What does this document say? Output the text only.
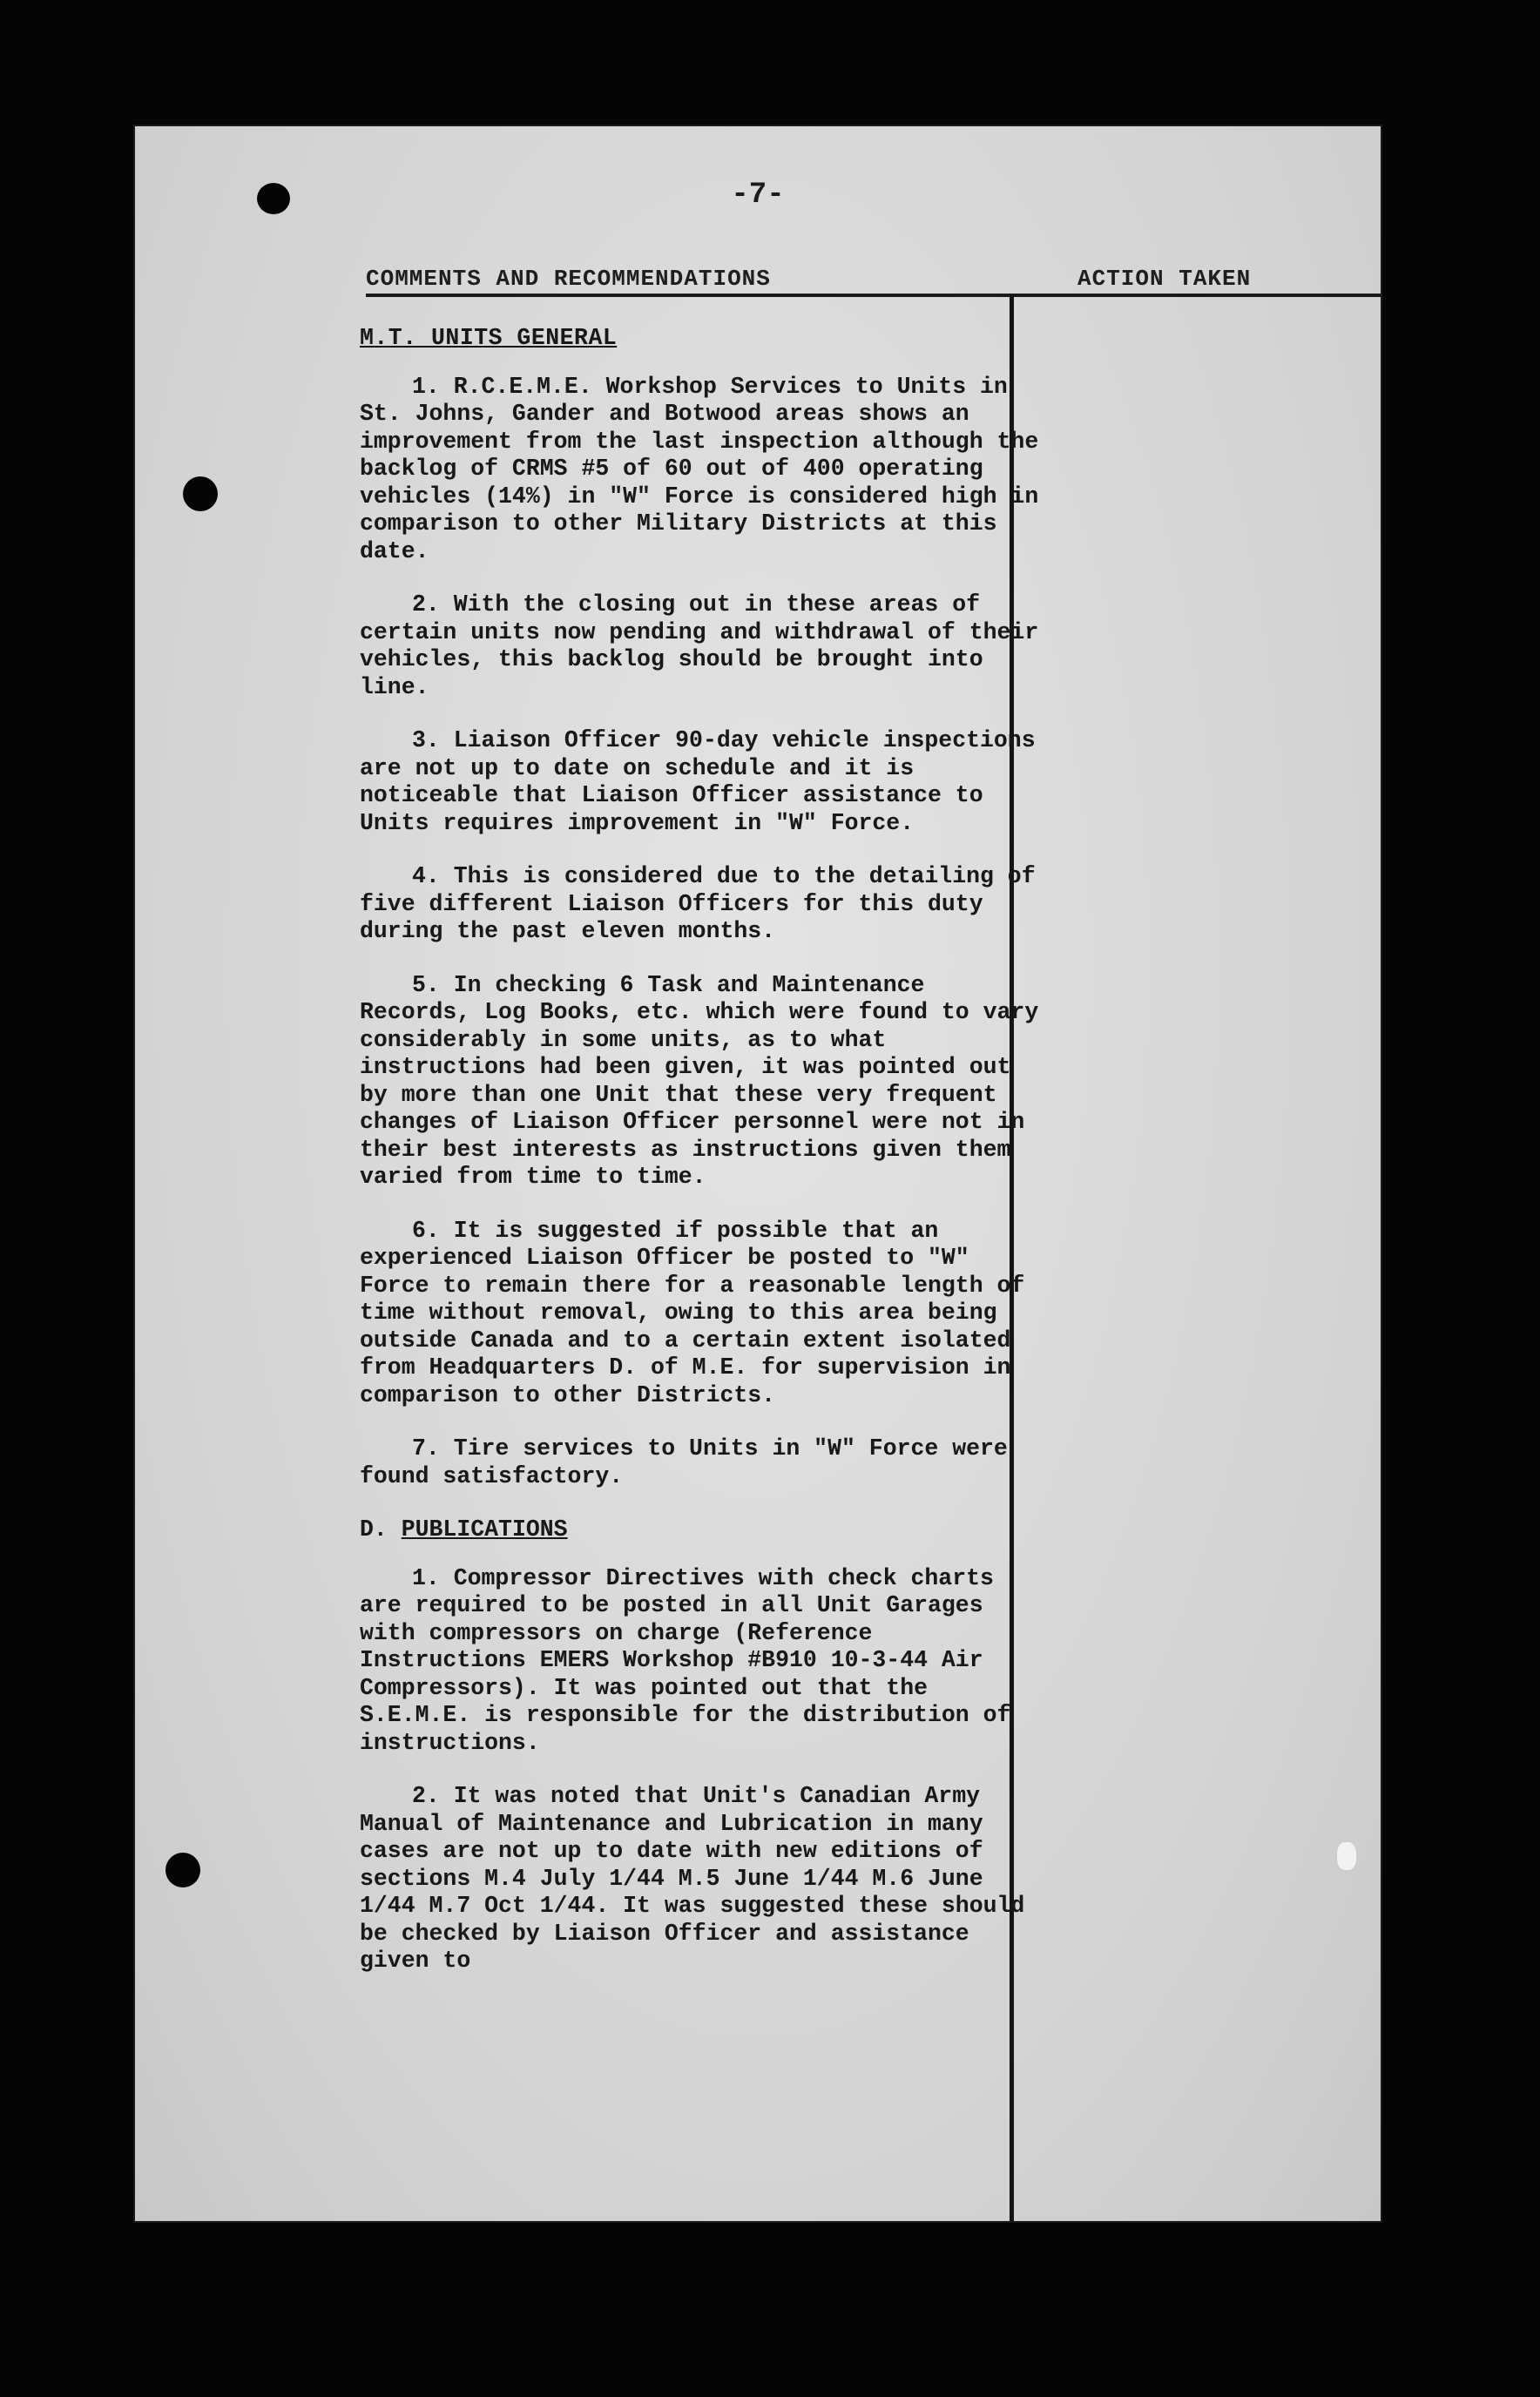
-7-

COMMENTS AND RECOMMENDATIONS	ACTION TAKEN

M.T. UNITS GENERAL

1. R.C.E.M.E. Workshop Services to Units in St. Johns, Gander and Botwood areas shows an improvement from the last inspection although the backlog of CRMS #5 of 60 out of 400 operating vehicles (14%) in "W" Force is considered high in comparison to other Military Districts at this date.

2. With the closing out in these areas of certain units now pending and withdrawal of their vehicles, this backlog should be brought into line.

3. Liaison Officer 90-day vehicle inspections are not up to date on schedule and it is noticeable that Liaison Officer assistance to Units requires improvement in "W" Force.

4. This is considered due to the detailing of five different Liaison Officers for this duty during the past eleven months.

5. In checking 6 Task and Maintenance Records, Log Books, etc. which were found to vary considerably in some units, as to what instructions had been given, it was pointed out by more than one Unit that these very frequent changes of Liaison Officer personnel were not in their best interests as instructions given them varied from time to time.

6. It is suggested if possible that an experienced Liaison Officer be posted to "W" Force to remain there for a reasonable length of time without removal, owing to this area being outside Canada and to a certain extent isolated from Headquarters D. of M.E. for supervision in comparison to other Districts.

7. Tire services to Units in "W" Force were found satisfactory.

D. PUBLICATIONS

1. Compressor Directives with check charts are required to be posted in all Unit Garages with compressors on charge (Reference Instructions EMERS Workshop #B910 10-3-44 Air Compressors). It was pointed out that the S.E.M.E. is responsible for the distribution of instructions.

2. It was noted that Unit's Canadian Army Manual of Maintenance and Lubrication in many cases are not up to date with new editions of sections M.4 July 1/44 M.5 June 1/44 M.6 June 1/44 M.7 Oct 1/44. It was suggested these should be checked by Liaison Officer and assistance given to
